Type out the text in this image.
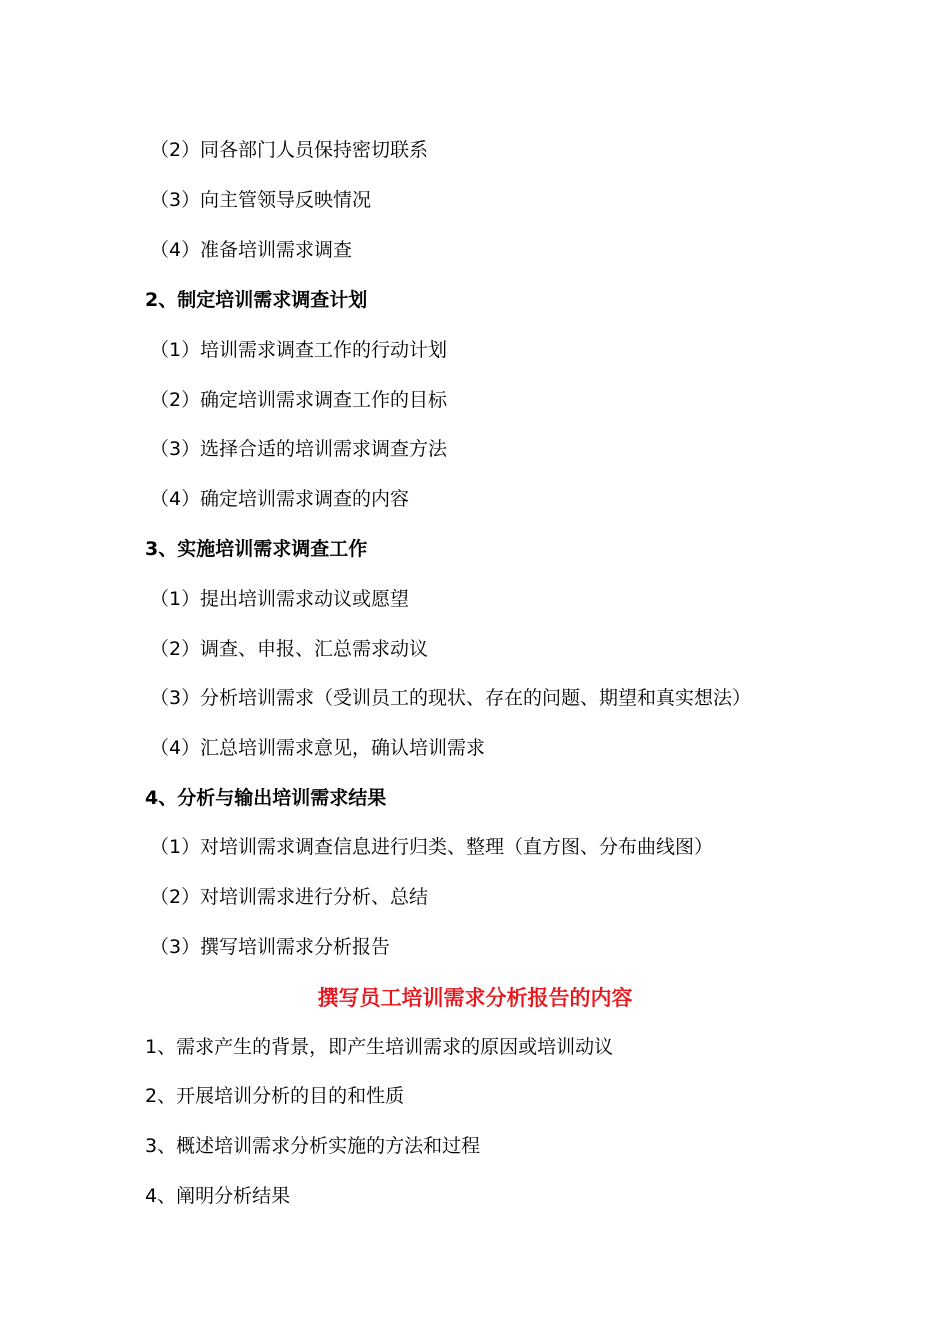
（2）同各部门人员保持密切联系
（3）向主管领导反映情况
（4）准备培训需求调查
2、制定培训需求调查计划
（1）培训需求调查工作的行动计划
（2）确定培训需求调查工作的目标
（3）选择合适的培训需求调查方法
（4）确定培训需求调查的内容
3、实施培训需求调查工作
（1）提出培训需求动议或愿望
（2）调查、申报、汇总需求动议
（3）分析培训需求（受训员工的现状、存在的问题、期望和真实想法）
（4）汇总培训需求意见，确认培训需求
4、分析与输出培训需求结果
（1）对培训需求调查信息进行归类、整理（直方图、分布曲线图）
（2）对培训需求进行分析、总结
（3）撰写培训需求分析报告
撰写员工培训需求分析报告的内容
1、需求产生的背景，即产生培训需求的原因或培训动议
2、开展培训分析的目的和性质
3、概述培训需求分析实施的方法和过程
4、阐明分析结果
